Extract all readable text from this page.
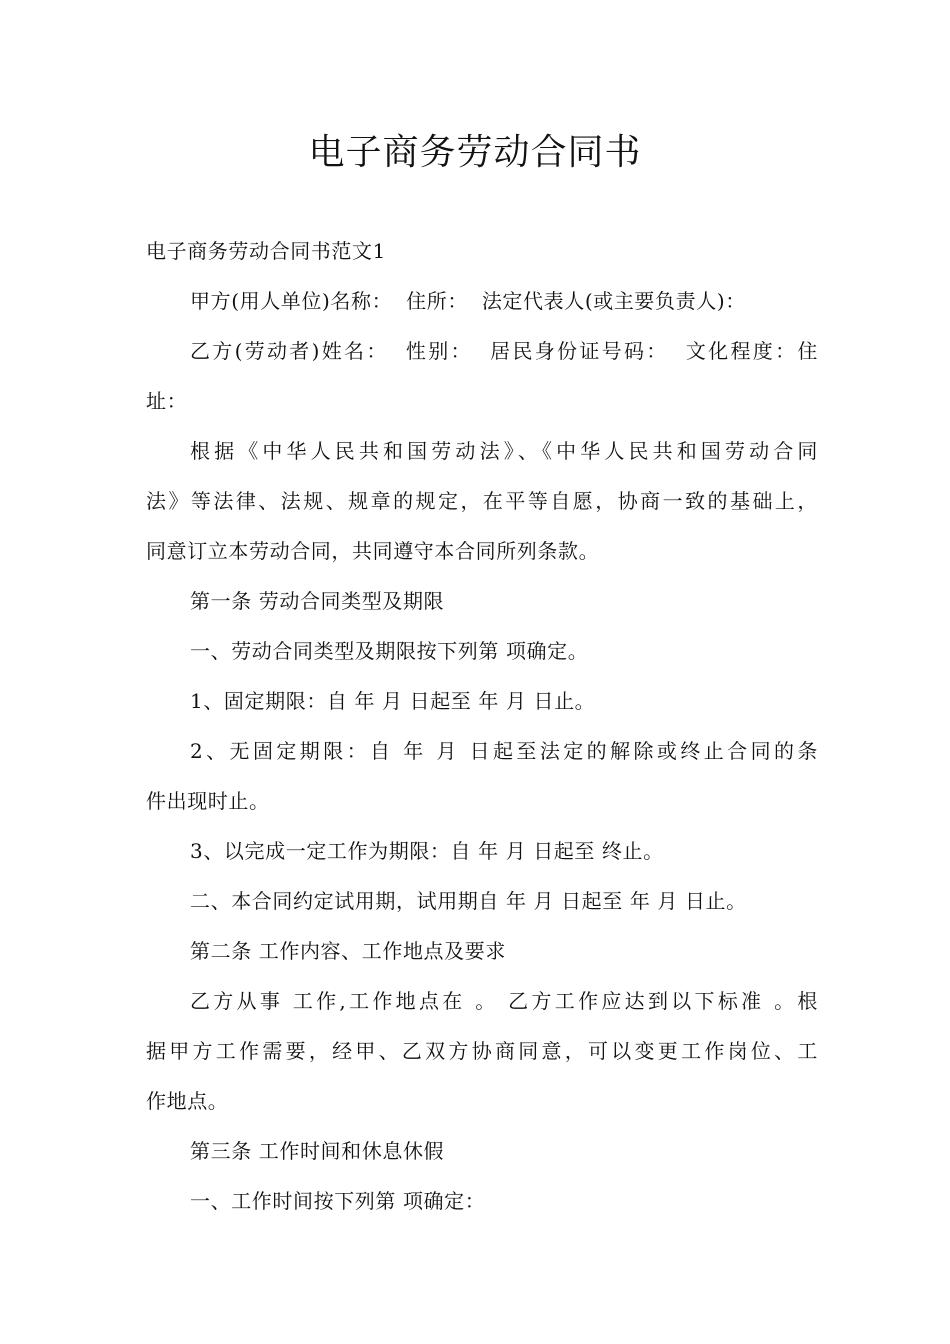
电子商务劳动合同书
电子商务劳动合同书范文1
甲方(用人单位)名称：  住所：  法定代表人(或主要负责人)：
乙方(劳动者)姓名：  性别：  居民身份证号码：  文化程度：住
址：
根据《中华人民共和国劳动法》、《中华人民共和国劳动合同
法》等法律、法规、规章的规定，在平等自愿，协商一致的基础上，
同意订立本劳动合同，共同遵守本合同所列条款。
第一条 劳动合同类型及期限
一、劳动合同类型及期限按下列第 项确定。
1、固定期限：自 年 月 日起至 年 月 日止。
2、无固定期限：自 年 月 日起至法定的解除或终止合同的条
件出现时止。
3、以完成一定工作为期限：自 年 月 日起至 终止。
二、本合同约定试用期，试用期自 年 月 日起至 年 月 日止。
第二条 工作内容、工作地点及要求
乙方从事 工作,工作地点在 。 乙方工作应达到以下标准 。根
据甲方工作需要，经甲、乙双方协商同意，可以变更工作岗位、工
作地点。
第三条 工作时间和休息休假
一、工作时间按下列第 项确定：
